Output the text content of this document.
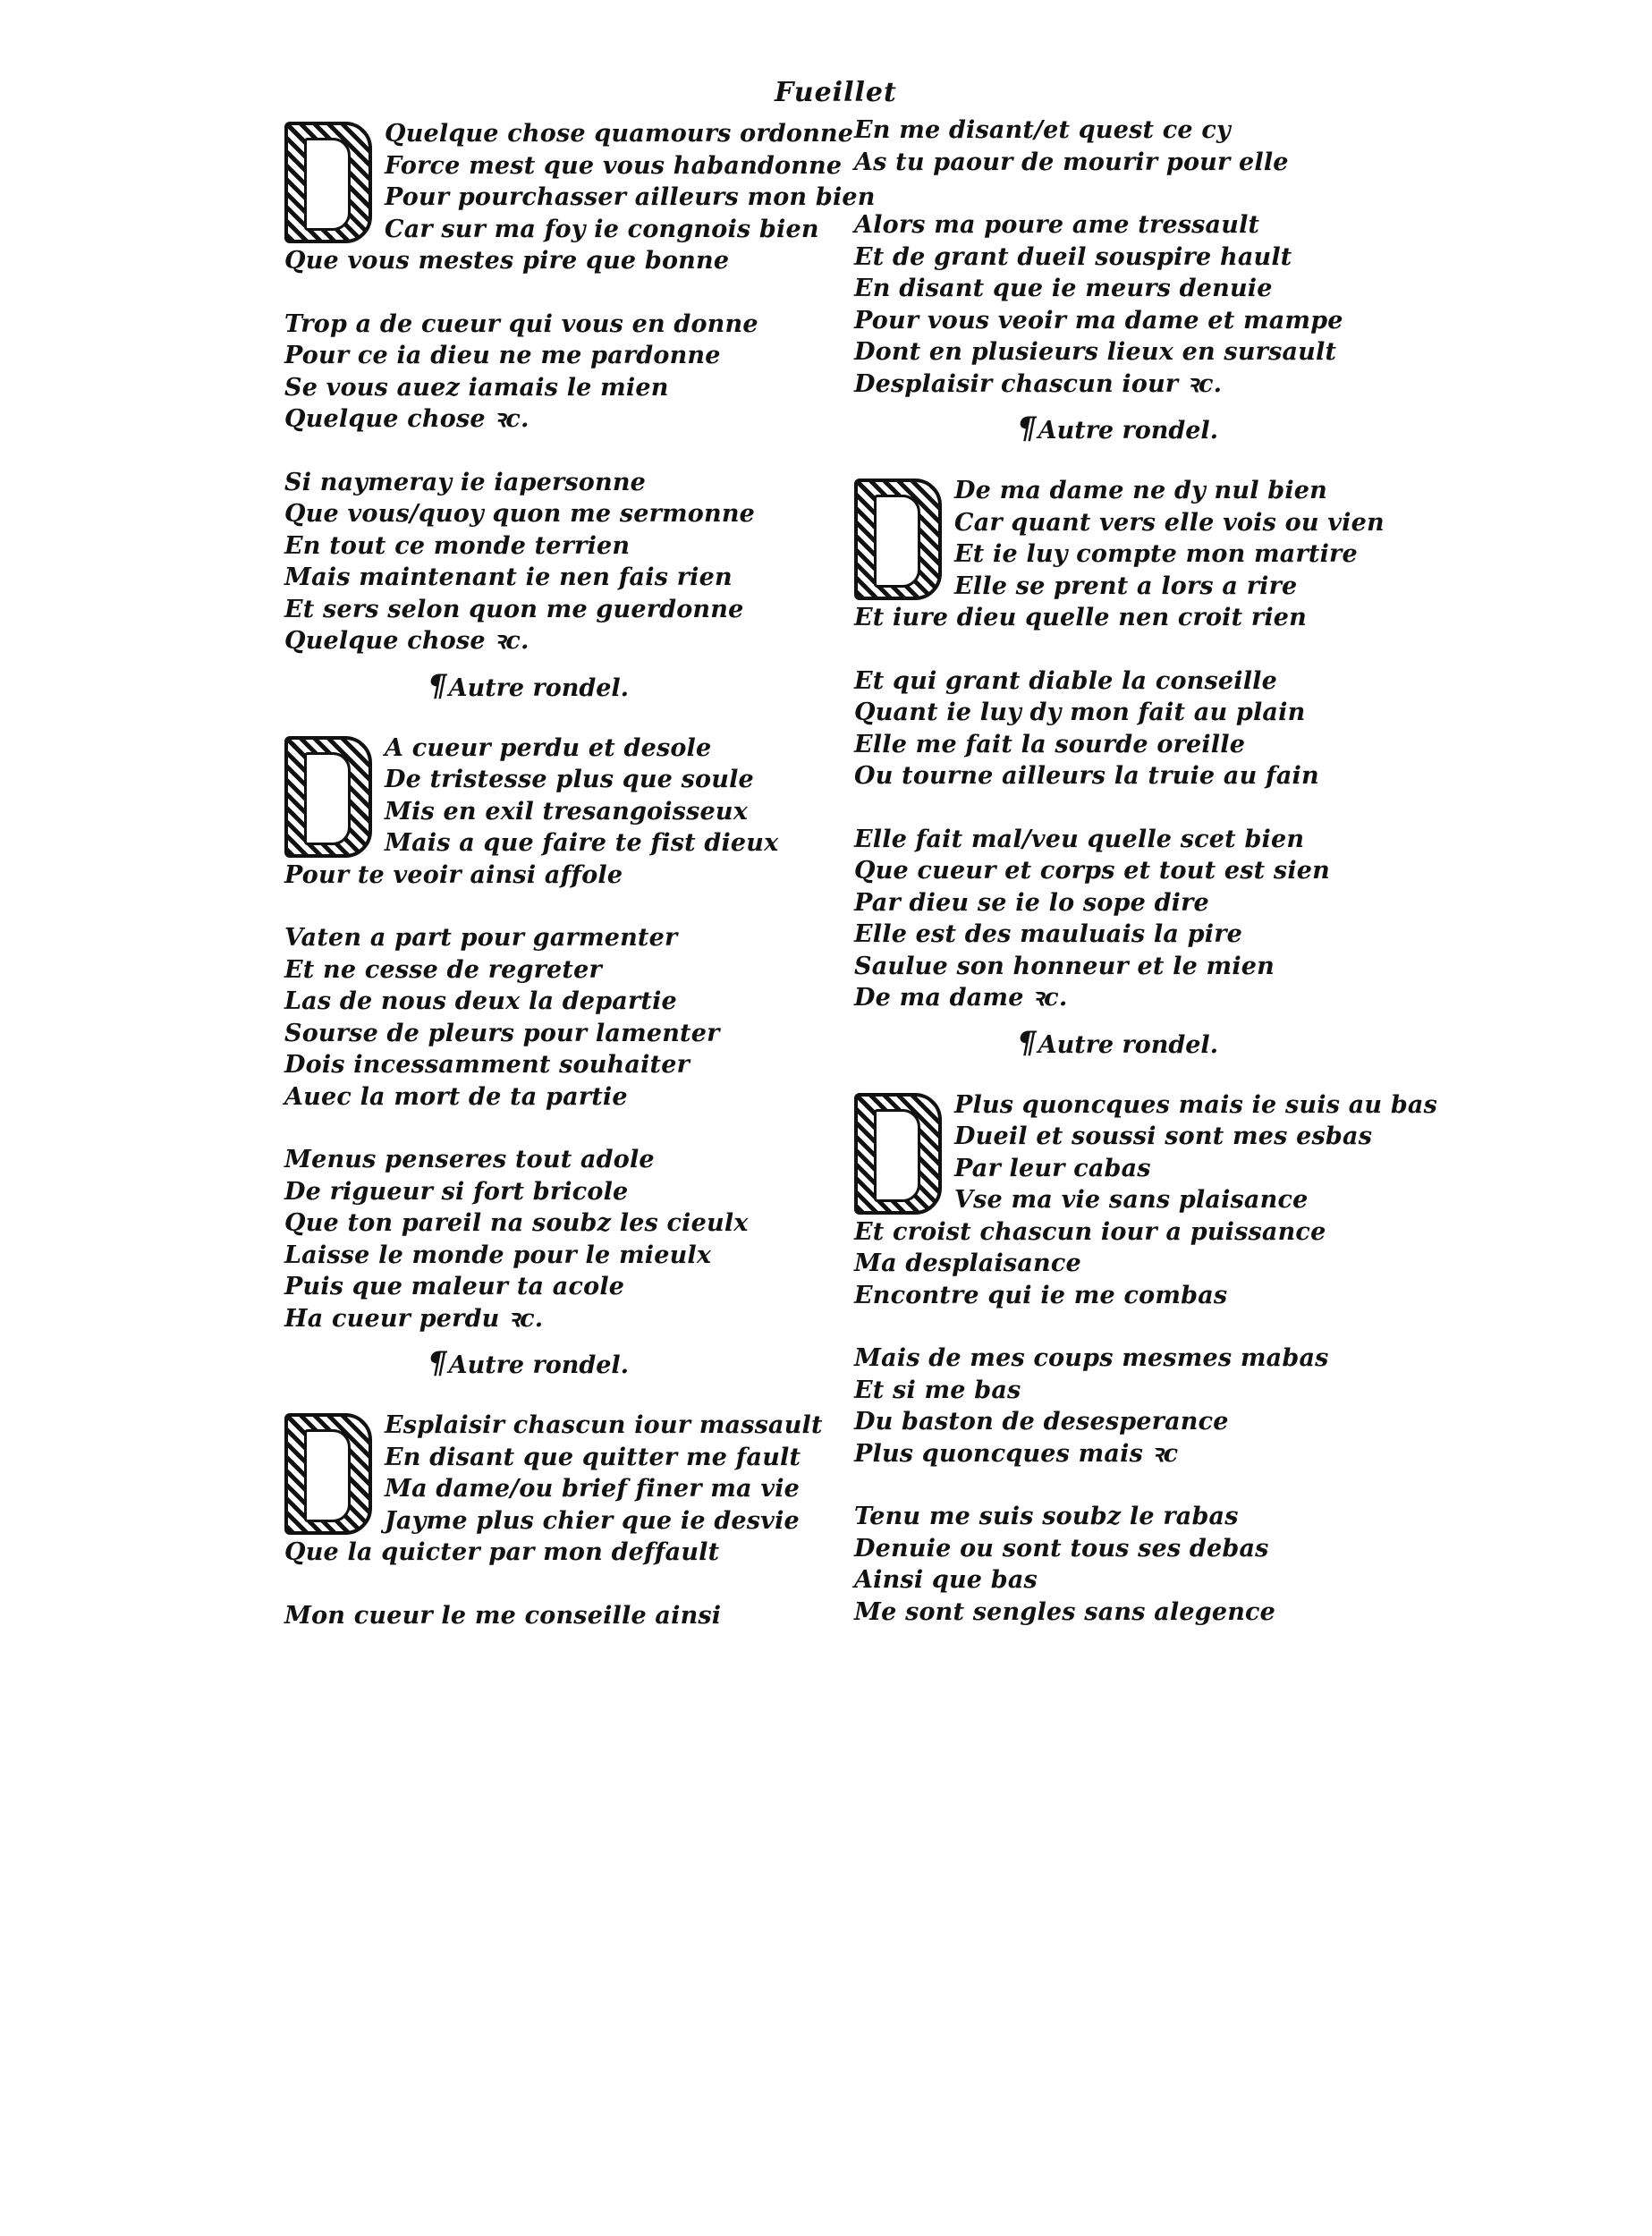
Fueillet
Quelque chose quamours ordonne
Force mest que vous habandonne
Pour pourchasser ailleurs mon bien
Car sur ma foy ie congnois bien
Que vous mestes pire que bonne
Trop a de cueur qui vous en donne
Pour ce ia dieu ne me pardonne
Se vous auez iamais le mien
Quelque chose ꝛc.
Si naymeray ie iapersonne
Que vous/quoy quon me sermonne
En tout ce monde terrien
Mais maintenant ie nen fais rien
Et sers selon quon me guerdonne
Quelque chose ꝛc.
¶Autre rondel.
A cueur perdu et desole
De tristesse plus que soule
Mis en exil tresangoisseux
Mais a que faire te fist dieux
Pour te veoir ainsi affole
Vaten a part pour garmenter
Et ne cesse de regreter
Las de nous deux la departie
Sourse de pleurs pour lamenter
Dois incessamment souhaiter
Auec la mort de ta partie
Menus penseres tout adole
De rigueur si fort bricole
Que ton pareil na soubz les cieulx
Laisse le monde pour le mieulx
Puis que maleur ta acole
Ha cueur perdu ꝛc.
¶Autre rondel.
Esplaisir chascun iour massault
En disant que quitter me fault
Ma dame/ou brief finer ma vie
Jayme plus chier que ie desvie
Que la quicter par mon deffault
Mon cueur le me conseille ainsi
En me disant/et quest ce cy
As tu paour de mourir pour elle
Alors ma poure ame tressault
Et de grant dueil souspire hault
En disant que ie meurs denuie
Pour vous veoir ma dame et mampe
Dont en plusieurs lieux en sursault
Desplaisir chascun iour ꝛc.
¶Autre rondel.
De ma dame ne dy nul bien
Car quant vers elle vois ou vien
Et ie luy compte mon martire
Elle se prent a lors a rire
Et iure dieu quelle nen croit rien
Et qui grant diable la conseille
Quant ie luy dy mon fait au plain
Elle me fait la sourde oreille
Ou tourne ailleurs la truie au fain
Elle fait mal/veu quelle scet bien
Que cueur et corps et tout est sien
Par dieu se ie lo sope dire
Elle est des mauluais la pire
Saulue son honneur et le mien
De ma dame ꝛc.
¶Autre rondel.
Plus quoncques mais ie suis au bas
Dueil et soussi sont mes esbas
Par leur cabas
Vse ma vie sans plaisance
Et croist chascun iour a puissance
Ma desplaisance
Encontre qui ie me combas
Mais de mes coups mesmes mabas
Et si me bas
Du baston de desesperance
Plus quoncques mais ꝛc
Tenu me suis soubz le rabas
Denuie ou sont tous ses debas
Ainsi que bas
Me sont sengles sans alegence
